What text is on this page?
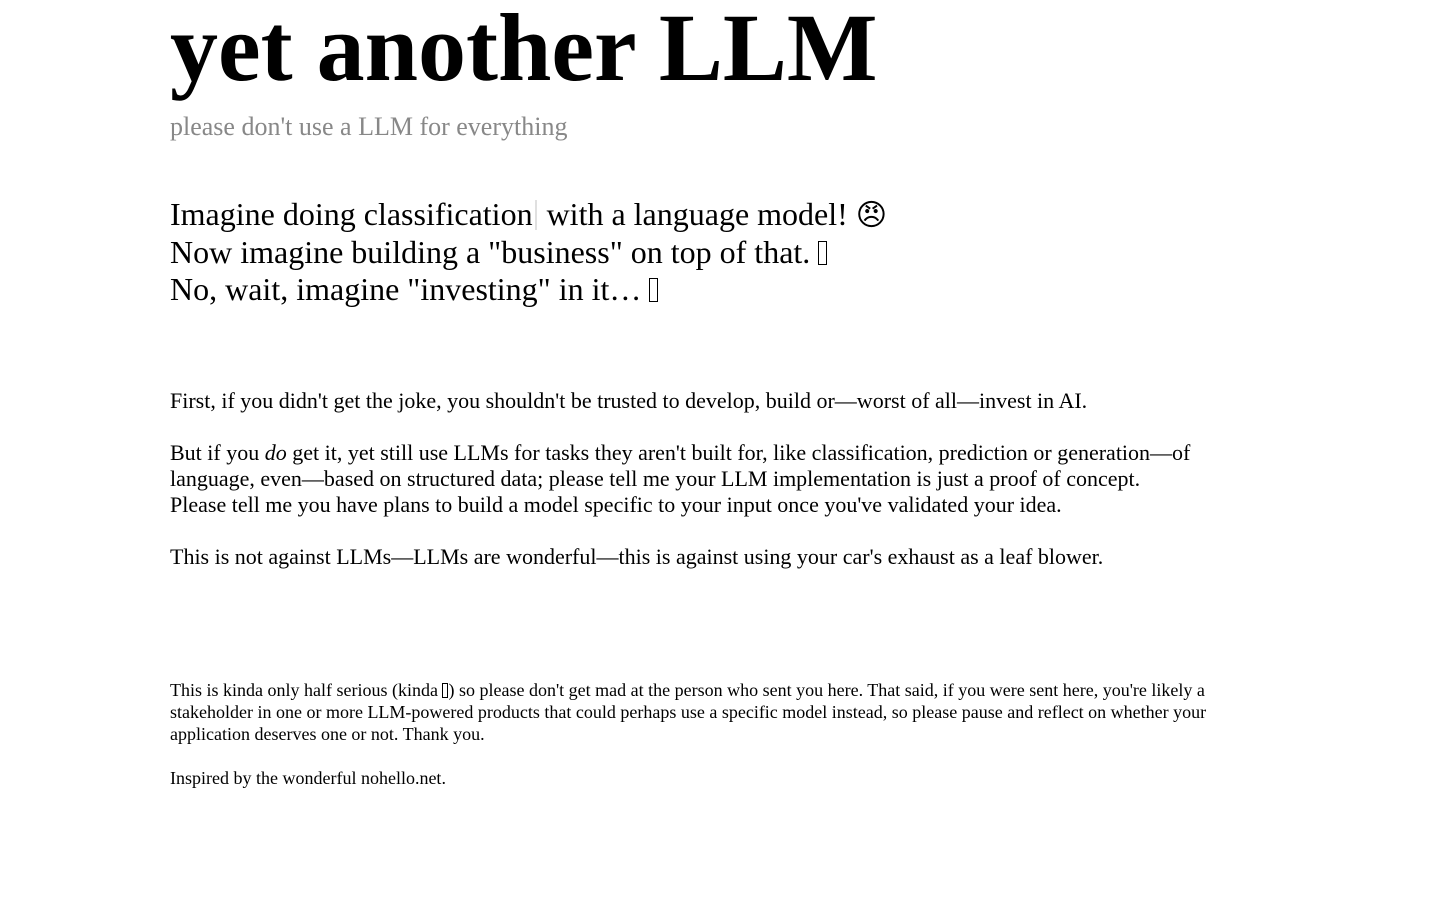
yet another LLM
please don't use a LLM for everything
Imagine doing classification with a language model! 😠
Now imagine building a "business" on top of that.
No, wait, imagine "investing" in it…

First, if you didn't get the joke, you shouldn't be trusted to develop, build or—worst of all—invest in AI.

But if you do get it, yet still use LLMs for tasks they aren't built for, like classification, prediction or generation—of language, even—based on structured data; please tell me your LLM implementation is just a proof of concept.
Please tell me you have plans to build a model specific to your input once you've validated your idea.

This is not against LLMs—LLMs are wonderful—this is against using your car's exhaust as a leaf blower.

This is kinda only half serious (kinda ) so please don't get mad at the person who sent you here. That said, if you were sent here, you're likely a stakeholder in one or more LLM-powered products that could perhaps use a specific model instead, so please pause and reflect on whether your application deserves one or not. Thank you.

Inspired by the wonderful nohello.net.
